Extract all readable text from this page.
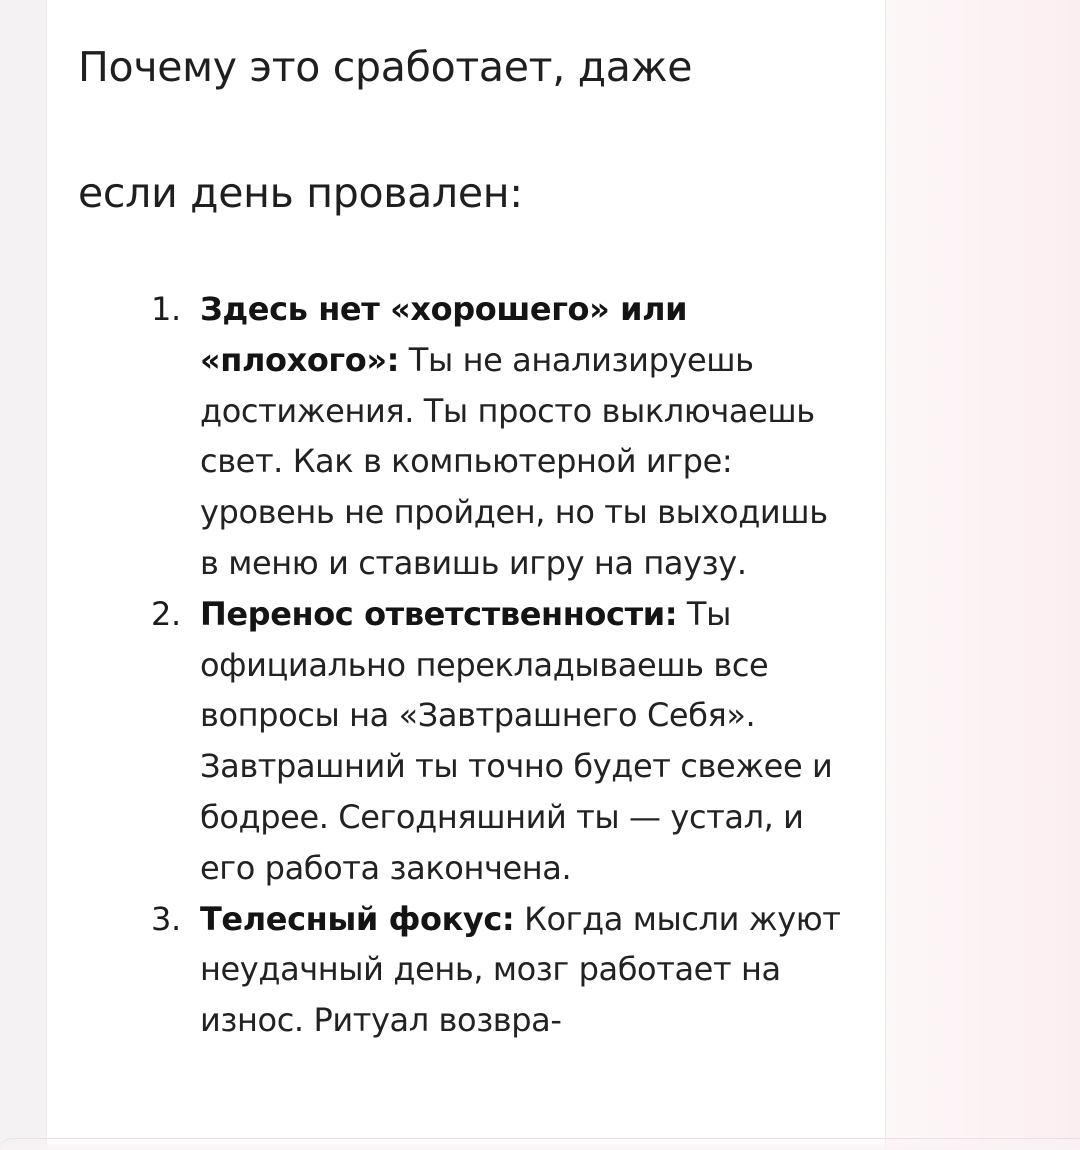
Почему это сработает, даже
если день провален:
1. Здесь нет «хорошего» или «плохого»: Ты не анализируешь достижения. Ты просто выключаешь свет. Как в компьютерной игре: уровень не пройден, но ты выходишь в меню и ставишь игру на паузу.
2. Перенос ответственности: Ты официально перекладываешь все вопросы на «Завтрашнего Себя». Завтрашний ты точно будет свежее и бодрее. Сегодняшний ты — устал, и его работа закончена.
3. Телесный фокус: Когда мысли жуют неудачный день, мозг работает на износ. Ритуал возвра-
